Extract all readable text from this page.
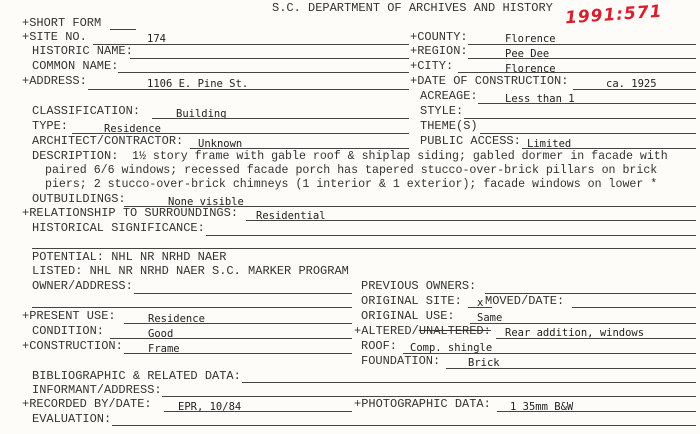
S.C. DEPARTMENT OF ARCHIVES AND HISTORY 1991:571
+SHORT FORM
+SITE NO.	174
HISTORIC NAME:
COMMON NAME:
+ADDRESS:	1106 E. Pine St.
+COUNTY:	Florence
+REGION:	Pee Dee
+CITY:	Florence
+DATE OF CONSTRUCTION:	ca. 1925
ACREAGE:	Less than 1
CLASSIFICATION:	Building	STYLE:
TYPE:	Residence	THEME(S)
ARCHITECT/CONTRACTOR: Unknown	PUBLIC ACCESS: Limited
DESCRIPTION: 1½ story frame with gable roof & shiplap siding; gabled dormer in facade with
paired 6/6 windows; recessed facade porch has tapered stucco-over-brick pillars on brick
piers; 2 stucco-over-brick chimneys (1 interior & 1 exterior); facade windows on lower *
OUTBUILDINGS:	None visible
+RELATIONSHIP TO SURROUNDINGS: Residential
HISTORICAL SIGNIFICANCE:
POTENTIAL: NHL NR NRHD NAER
LISTED: NHL NR NRHD NAER S.C. MARKER PROGRAM
OWNER/ADDRESS:	PREVIOUS OWNERS:
ORIGINAL SITE: x MOVED/DATE:
+PRESENT USE:	Residence	ORIGINAL USE: Same
CONDITION:	Good	+ALTERED/UNALTERED: Rear addition, windows
+CONSTRUCTION: Frame	ROOF: Comp. shingle
FOUNDATION:	Brick
BIBLIOGRAPHIC & RELATED DATA:
INFORMANT/ADDRESS:
+RECORDED BY/DATE:	EPR, 10/84	+PHOTOGRAPHIC DATA: 1 35mm B&W
EVALUATION:
